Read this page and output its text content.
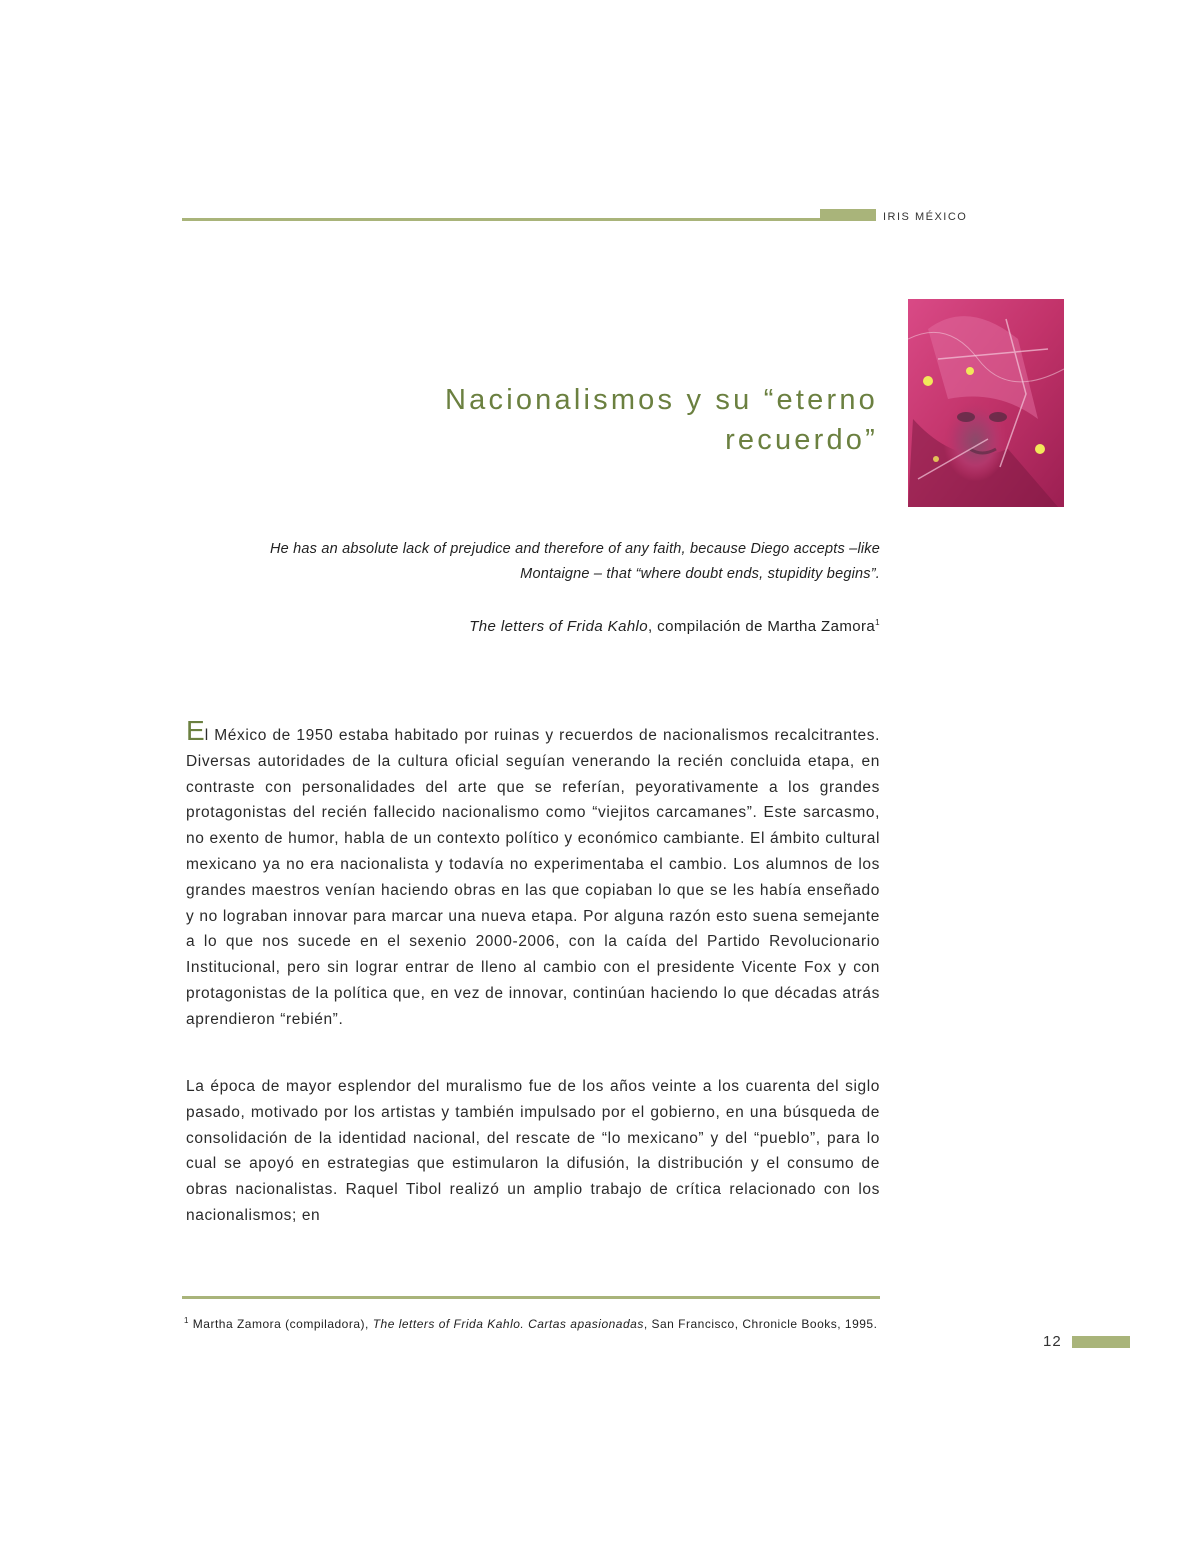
IRIS MÉXICO
Nacionalismos y su “eterno recuerdo”
He has an absolute lack of prejudice and therefore of any faith, because Diego accepts –like Montaigne – that “where doubt ends, stupidity begins”.
The letters of Frida Kahlo, compilación de Martha Zamora$^1$

El México de 1950 estaba habitado por ruinas y recuerdos de nacionalismos recalcitrantes. Diversas autoridades de la cultura oficial seguían venerando la recién concluida etapa, en contraste con personalidades del arte que se referían, peyorativamente a los grandes protagonistas del recién fallecido nacionalismo como “viejitos carcamanes”. Este sarcasmo, no exento de humor, habla de un contexto político y económico cambiante. El ámbito cultural mexicano ya no era nacionalista y todavía no experimentaba el cambio. Los alumnos de los grandes maestros venían haciendo obras en las que copiaban lo que se les había enseñado y no lograban innovar para marcar una nueva etapa. Por alguna razón esto suena semejante a lo que nos sucede en el sexenio 2000-2006, con la caída del Partido Revolucionario Institucional, pero sin lograr entrar de lleno al cambio con el presidente Vicente Fox y con protagonistas de la política que, en vez de innovar, continúan haciendo lo que décadas atrás aprendieron “rebién”.

La época de mayor esplendor del muralismo fue de los años veinte a los cuarenta del siglo pasado, motivado por los artistas y también impulsado por el gobierno, en una búsqueda de consolidación de la identidad nacional, del rescate de “lo mexicano” y del “pueblo”, para lo cual se apoyó en estrategias que estimularon la difusión, la distribución y el consumo de obras nacionalistas. Raquel Tibol realizó un amplio trabajo de crítica relacionado con los nacionalismos; en

$^1$ Martha Zamora (compiladora), The letters of Frida Kahlo. Cartas apasionadas, San Francisco, Chronicle Books, 1995.

12
